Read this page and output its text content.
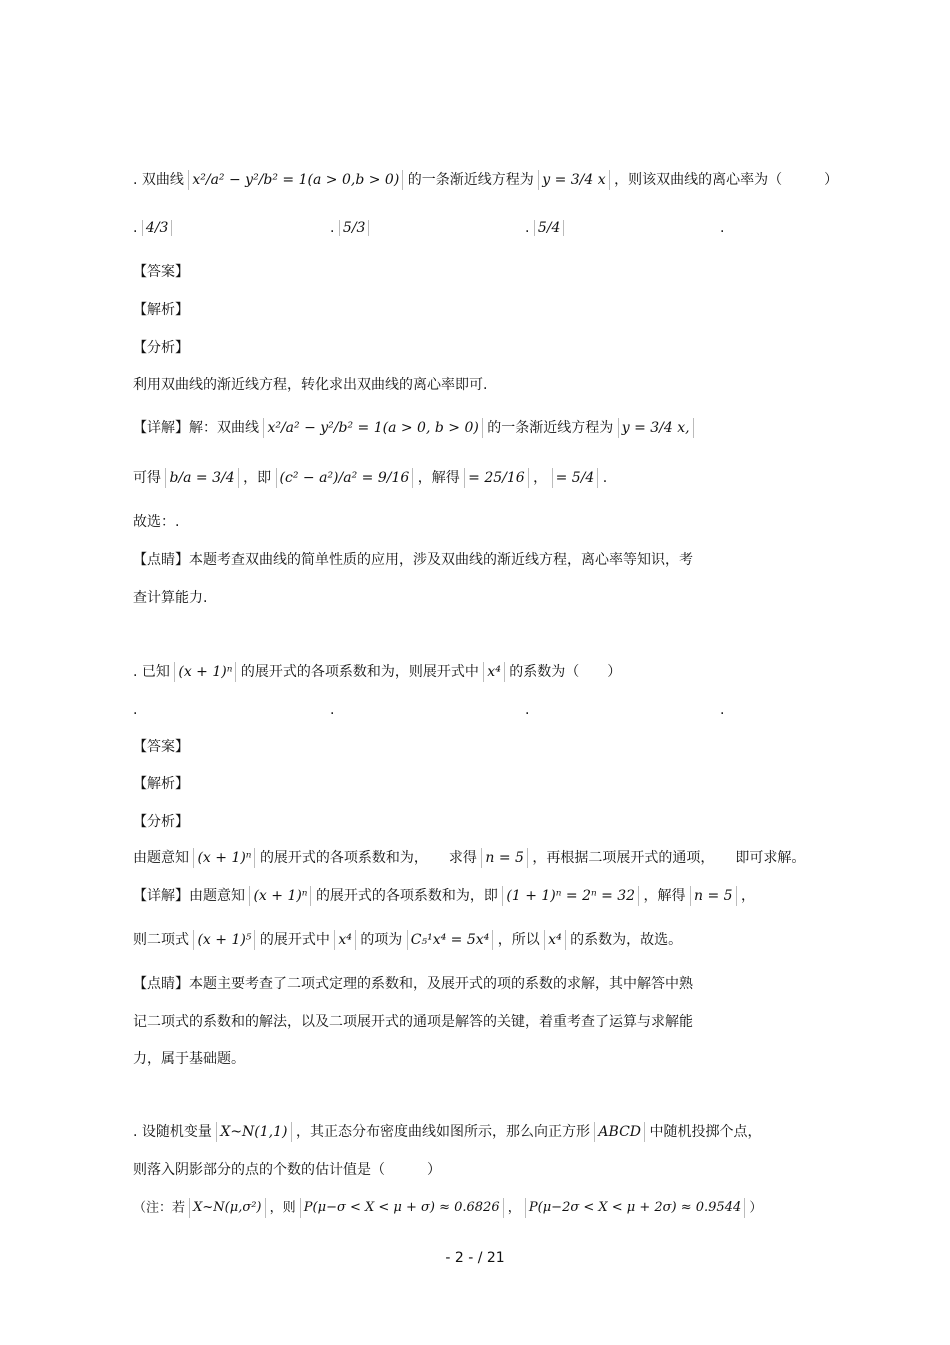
. 双曲线 x²/a² − y²/b² = 1(a > 0,b > 0) 的一条渐近线方程为 y = 3/4 x ，则该双曲线的离心率为（　　　）
. 4/3	. 5/3	. 5/4	.
【答案】
【解析】
【分析】
利用双曲线的渐近线方程，转化求出双曲线的离心率即可.
【详解】解：双曲线 x²/a² − y²/b² = 1(a > 0, b > 0) 的一条渐近线方程为 y = 3/4 x,
可得 b/a = 3/4 ，即 (c² − a²)/a² = 9/16 ，解得 = 25/16 ， = 5/4 .
故选：.
【点睛】本题考查双曲线的简单性质的应用，涉及双曲线的渐近线方程，离心率等知识，考
查计算能力.
. 已知 (x + 1)ⁿ 的展开式的各项系数和为，则展开式中 x⁴ 的系数为（　　）
.	.	.	.
【答案】
【解析】
【分析】
由题意知 (x + 1)ⁿ 的展开式的各项系数和为，　　求得 n = 5 ，再根据二项展开式的通项，　　即可求解。
【详解】由题意知 (x + 1)ⁿ 的展开式的各项系数和为，即 (1 + 1)ⁿ = 2ⁿ = 32 ，解得 n = 5 ，
则二项式 (x + 1)⁵ 的展开式中 x⁴ 的项为 C₅¹x⁴ = 5x⁴ ，所以 x⁴ 的系数为，故选。
【点睛】本题主要考查了二项式定理的系数和，及展开式的项的系数的求解，其中解答中熟
记二项式的系数和的解法，以及二项展开式的通项是解答的关键，着重考查了运算与求解能
力，属于基础题。
. 设随机变量 X~N(1,1) ，其正态分布密度曲线如图所示，那么向正方形 ABCD 中随机投掷个点，
则落入阴影部分的点的个数的估计值是（　　　）
（注：若 X~N(μ,σ²) ，则 P(μ−σ < X < μ + σ) ≈ 0.6826 ， P(μ−2σ < X < μ + 2σ) ≈ 0.9544 ）
- 2 - / 21
